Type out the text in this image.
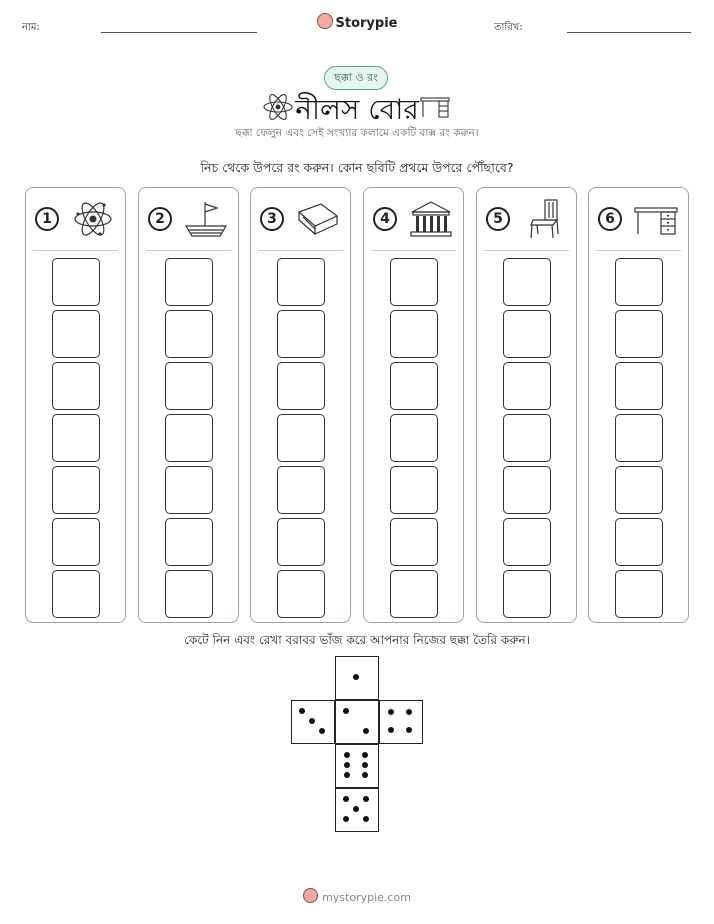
নাম:	Storypie	তারিখ:
ছক্কা ও রং
নীলস বোর
ছক্কা ফেলুন এবং সেই সংখ্যার কলামে একটি বাক্স রং করুন।
নিচ থেকে উপরে রং করুন। কোন ছবিটি প্রথমে উপরে পৌঁছাবে?
1	2	3	4	5	6
কেটে নিন এবং রেখা বরাবর ভাঁজ করে আপনার নিজের ছক্কা তৈরি করুন।
mystorypie.com
